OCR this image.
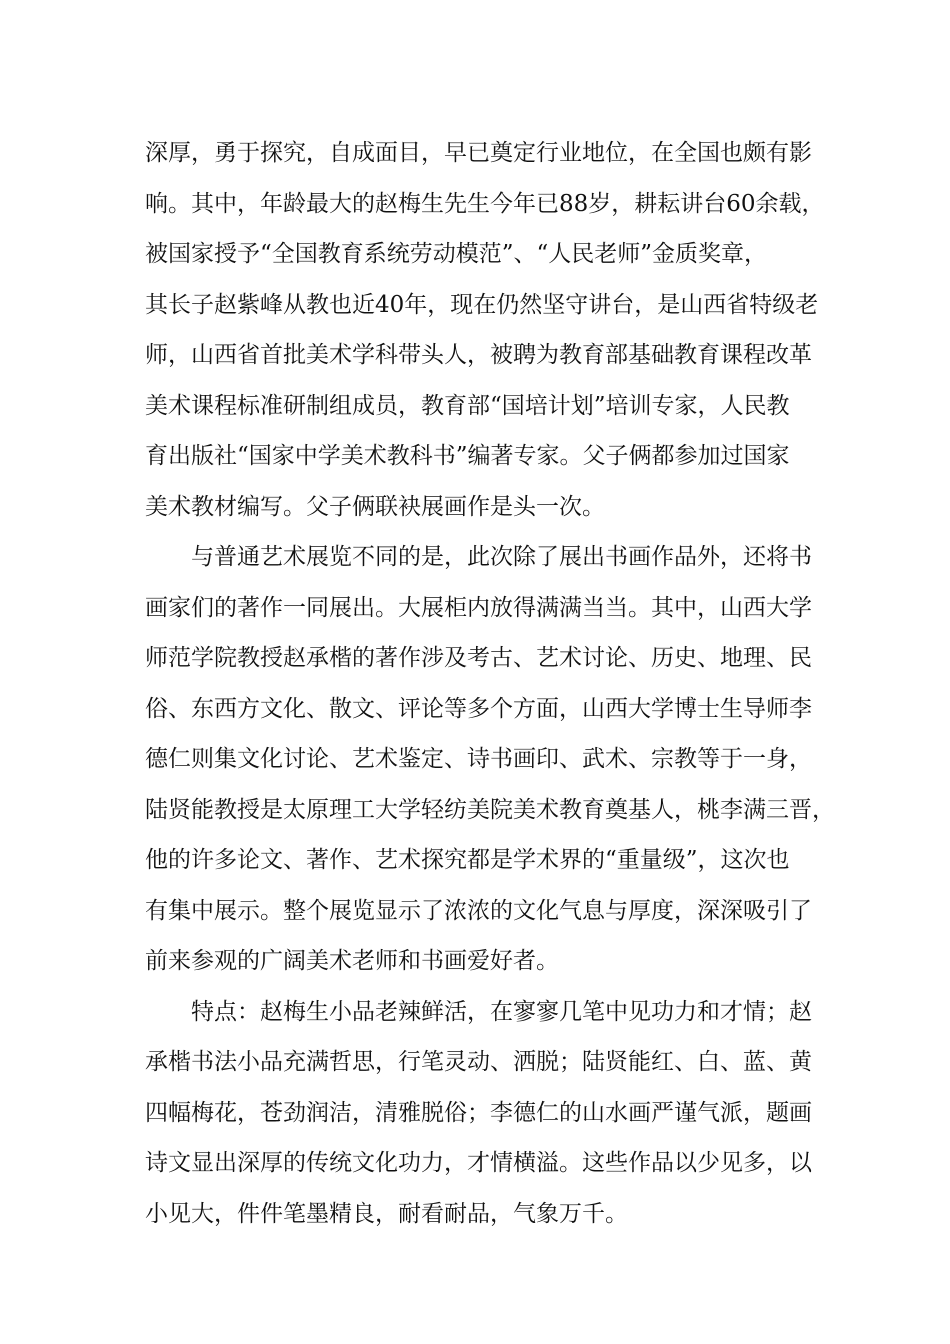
深厚，勇于探究，自成面目，早已奠定行业地位，在全国也颇有影
响。其中，年龄最大的赵梅生先生今年已88岁，耕耘讲台60余载，
被国家授予“全国教育系统劳动模范”、“人民老师”金质奖章，
其长子赵紫峰从教也近40年，现在仍然坚守讲台，是山西省特级老
师，山西省首批美术学科带头人，被聘为教育部基础教育课程改革
美术课程标准研制组成员，教育部“国培计划”培训专家，人民教
育出版社“国家中学美术教科书”编著专家。父子俩都参加过国家
美术教材编写。父子俩联袂展画作是头一次。
与普通艺术展览不同的是，此次除了展出书画作品外，还将书
画家们的著作一同展出。大展柜内放得满满当当。其中，山西大学
师范学院教授赵承楷的著作涉及考古、艺术讨论、历史、地理、民
俗、东西方文化、散文、评论等多个方面，山西大学博士生导师李
德仁则集文化讨论、艺术鉴定、诗书画印、武术、宗教等于一身，
陆贤能教授是太原理工大学轻纺美院美术教育奠基人，桃李满三晋，
他的许多论文、著作、艺术探究都是学术界的“重量级”，这次也
有集中展示。整个展览显示了浓浓的文化气息与厚度，深深吸引了
前来参观的广阔美术老师和书画爱好者。
特点：赵梅生小品老辣鲜活，在寥寥几笔中见功力和才情；赵
承楷书法小品充满哲思，行笔灵动、洒脱；陆贤能红、白、蓝、黄
四幅梅花，苍劲润洁，清雅脱俗；李德仁的山水画严谨气派，题画
诗文显出深厚的传统文化功力，才情横溢。这些作品以少见多，以
小见大，件件笔墨精良，耐看耐品，气象万千。
